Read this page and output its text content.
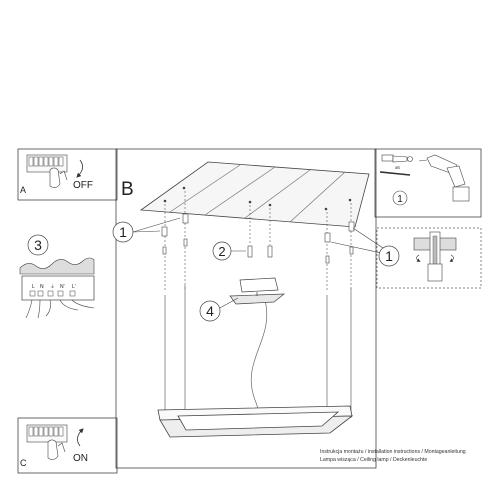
A	OFF
C	ON
B
x6
1
1
2	1
4
3
L N ⏚ N' L'
Instrukcja montażu / installation instructions / Montageanleitung
Lampa wisząca / Ceiling lamp / Deckenleuchte
